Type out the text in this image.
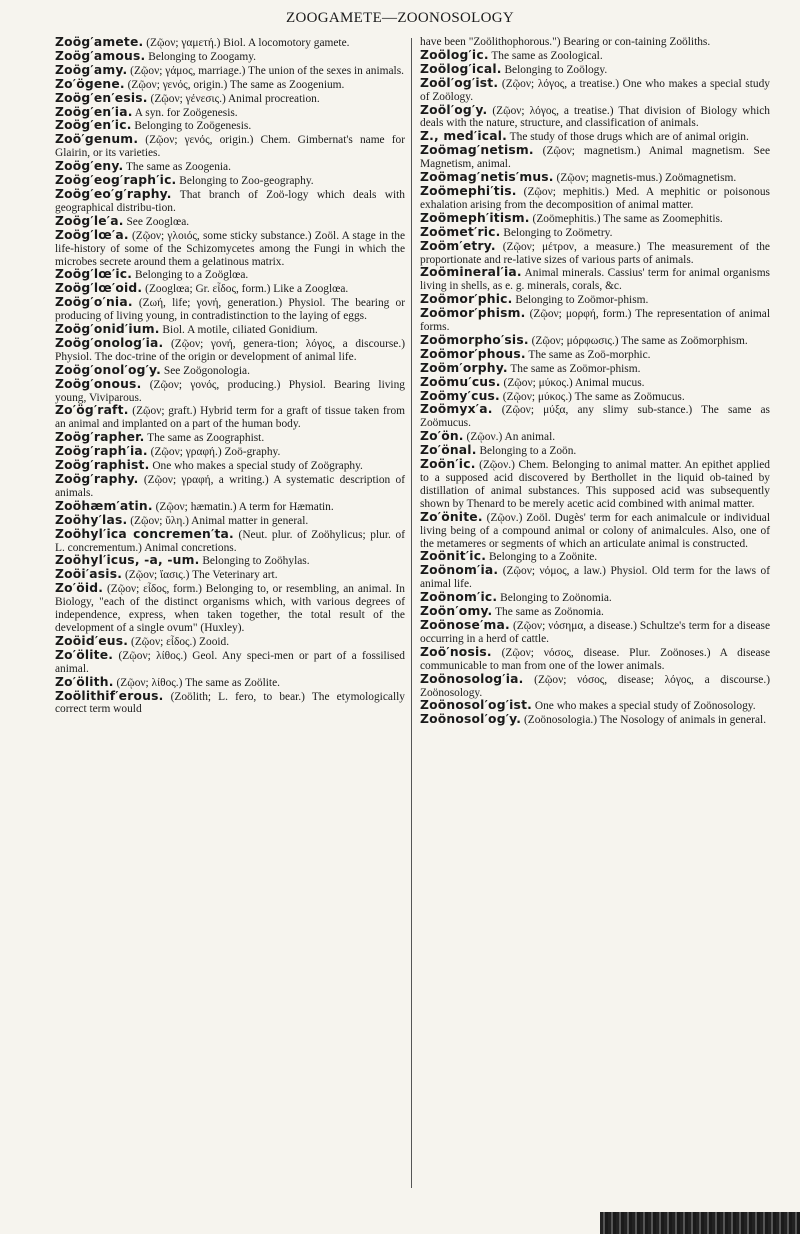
ZOOGAMETE—ZOONOSOLOGY

Zoög′amete. (Ζῷον; γαμετή.) Biol. A locomotory gamete.

Zoög′amous. Belonging to Zoogamy.

Zoög′amy. (Ζῷον; γάμος, marriage.) The union of the sexes in animals.

Zo′ögene. (Ζῷον; γενός, origin.) The same as Zoogenium.

Zoög′en′esis. (Ζῷον; γένεσις.) Animal procreation.

Zoög′en′ia. A syn. for Zoögenesis.

Zoög′en′ic. Belonging to Zoögenesis.

Zoö′genum. (Ζῷον; γενός, origin.) Chem. Gimbernat's name for Glairin, or its varieties.

Zoög′eny. The same as Zoogenia.

Zoög′eog′raph′ic. Belonging to Zoo-geography.

Zoög′eo′g′raphy. That branch of Zoö-logy which deals with geographical distribu-tion.

Zoög′le′a. See Zooglœa.

Zoög′lœ′a. (Ζῷον; γλοιός, some sticky substance.) Zoöl. A stage in the life-history of some of the Schizomycetes among the Fungi in which the microbes secrete around them a gelatinous matrix.

Zoög′lœ′ic. Belonging to a Zoöglœa.

Zoög′lœ′oid. (Zooglœa; Gr. εἶδος, form.) Like a Zooglœa.

Zoög′o′nia. (Ζωή, life; γονή, generation.) Physiol. The bearing or producing of living young, in contradistinction to the laying of eggs.

Zoög′onid′ium. Biol. A motile, ciliated Gonidium.

Zoög′onolog′ia. (Ζῷον; γονή, genera-tion; λόγος, a discourse.) Physiol. The doc-trine of the origin or development of animal life.

Zoög′onol′og′y. See Zoögonologia.

Zoög′onous. (Ζῷον; γονός, producing.) Physiol. Bearing living young, Viviparous.

Zo′ög′raft. (Ζῷον; graft.) Hybrid term for a graft of tissue taken from an animal and implanted on a part of the human body.

Zoög′rapher. The same as Zoographist.

Zoög′raph′ia. (Ζῷον; γραφή.) Zoö-graphy.

Zoög′raphist. One who makes a special study of Zoögraphy.

Zoög′raphy. (Ζῷον; γραφή, a writing.) A systematic description of animals.

Zoöhæm′atin. (Ζῷον; hæmatin.) A term for Hæmatin.

Zoöhy′las. (Ζῷον; ὕλη.) Animal matter in general.

Zoöhyl′ica concremen′ta. (Neut. plur. of Zoöhylicus; plur. of L. concrementum.) Animal concretions.

Zoöhyl′icus, -a, -um. Belonging to Zoöhylas.

Zoöi′asis. (Ζῷον; ἴασις.) The Veterinary art.

Zo′öid. (Ζῷον; εἶδος, form.) Belonging to, or resembling, an animal. In Biology, "each of the distinct organisms which, with various degrees of independence, express, when taken together, the total result of the development of a single ovum" (Huxley).

Zoöid′eus. (Ζῷον; εἶδος.) Zooid.

Zo′ölite. (Ζῷον; λίθος.) Geol. Any speci-men or part of a fossilised animal.

Zo′ölith. (Ζῷον; λίθος.) The same as Zoölite.

Zoölithif′erous. (Zoölith; L. fero, to bear.) The etymologically correct term would

have been "Zoölithophorous.") Bearing or con-taining Zoöliths.

Zoölog′ic. The same as Zoological.

Zoölog′ical. Belonging to Zoölogy.

Zoöl′og′ist. (Ζῷον; λόγος, a treatise.) One who makes a special study of Zoölogy.

Zoöl′og′y. (Ζῷον; λόγος, a treatise.) That division of Biology which deals with the nature, structure, and classification of animals.

Z., med′ical. The study of those drugs which are of animal origin.

Zoömag′netism. (Ζῷον; magnetism.) Animal magnetism. See Magnetism, animal.

Zoömag′netis′mus. (Ζῷον; magnetis-mus.) Zoömagnetism.

Zoömephi′tis. (Ζῷον; mephitis.) Med. A mephitic or poisonous exhalation arising from the decomposition of animal matter.

Zoömeph′itism. (Zoömephitis.) The same as Zoomephitis.

Zoömet′ric. Belonging to Zoömetry.

Zoöm′etry. (Ζῷον; μέτρον, a measure.) The measurement of the proportionate and re-lative sizes of various parts of animals.

Zoömineral′ia. Animal minerals. Cassius' term for animal organisms living in shells, as e. g. minerals, corals, &c.

Zoömor′phic. Belonging to Zoömor-phism.

Zoömor′phism. (Ζῷον; μορφή, form.) The representation of animal forms.

Zoömorpho′sis. (Ζῷον; μόρφωσις.) The same as Zoömorphism.

Zoömor′phous. The same as Zoö-morphic.

Zoöm′orphy. The same as Zoömor-phism.

Zoömu′cus. (Ζῷον; μύκος.) Animal mucus.

Zoömy′cus. (Ζῷον; μύκος.) The same as Zoömucus.

Zoömyx′a. (Ζῷον; μύξα, any slimy sub-stance.) The same as Zoömucus.

Zo′ön. (Ζῷον.) An animal.

Zo′önal. Belonging to a Zoön.

Zoön′ic. (Ζῷον.) Chem. Belonging to animal matter. An epithet applied to a supposed acid discovered by Berthollet in the liquid ob-tained by distillation of animal substances. This supposed acid was subsequently shown by Thenard to be merely acetic acid combined with animal matter.

Zo′önite. (Ζῷον.) Zoöl. Dugès' term for each animalcule or individual living being of a compound animal or colony of animalcules. Also, one of the metameres or segments of which an articulate animal is constructed.

Zoönit′ic. Belonging to a Zoönite.

Zoönom′ia. (Ζῷον; νόμος, a law.) Physiol. Old term for the laws of animal life.

Zoönom′ic. Belonging to Zoönomia.

Zoön′omy. The same as Zoönomia.

Zoönose′ma. (Ζῷον; νόσημα, a disease.) Schultze's term for a disease occurring in a herd of cattle.

Zoö′nosis. (Ζῷον; νόσος, disease. Plur. Zoönoses.) A disease communicable to man from one of the lower animals.

Zoönosolog′ia. (Ζῷον; νόσος, disease; λόγος, a discourse.) Zoönosology.

Zoönosol′og′ist. One who makes a special study of Zoönosology.

Zoönosol′og′y. (Zoönosologia.) The Nosology of animals in general.
